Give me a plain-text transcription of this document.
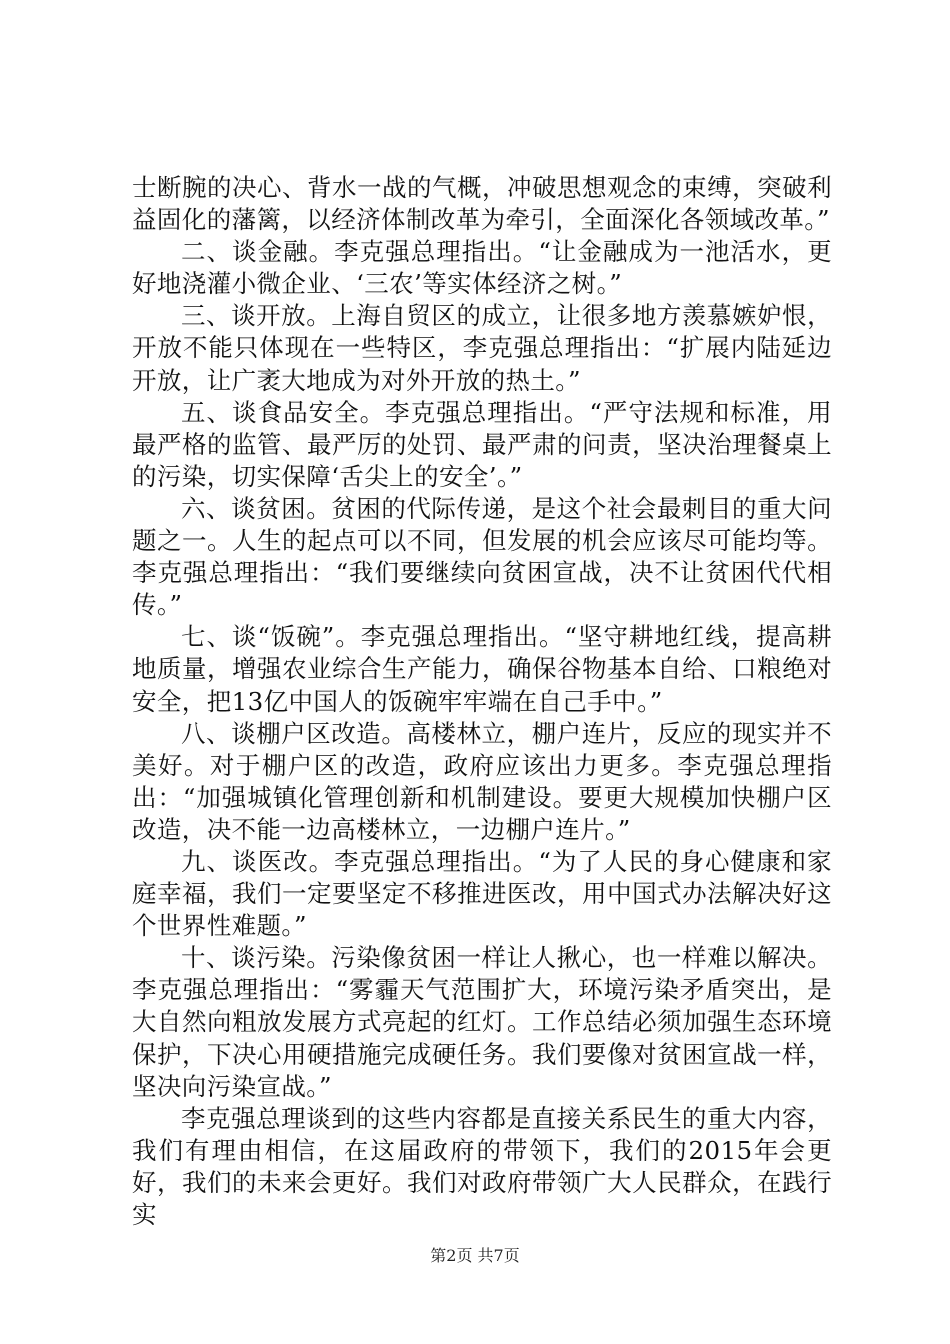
士断腕的决心、背水一战的气概，冲破思想观念的束缚，突破利益固化的藩篱，以经济体制改革为牵引，全面深化各领域改革。”

二、谈金融。李克强总理指出。“让金融成为一池活水，更好地浇灌小微企业、‘三农’等实体经济之树。”

三、谈开放。上海自贸区的成立，让很多地方羡慕嫉妒恨，开放不能只体现在一些特区，李克强总理指出：“扩展内陆延边开放，让广袤大地成为对外开放的热土。”

五、谈食品安全。李克强总理指出。“严守法规和标准，用最严格的监管、最严厉的处罚、最严肃的问责，坚决治理餐桌上的污染，切实保障‘舌尖上的安全’。”

六、谈贫困。贫困的代际传递，是这个社会最刺目的重大问题之一。人生的起点可以不同，但发展的机会应该尽可能均等。李克强总理指出：“我们要继续向贫困宣战，决不让贫困代代相传。”

七、谈“饭碗”。李克强总理指出。“坚守耕地红线，提高耕地质量，增强农业综合生产能力，确保谷物基本自给、口粮绝对安全，把13亿中国人的饭碗牢牢端在自己手中。”

八、谈棚户区改造。高楼林立，棚户连片，反应的现实并不美好。对于棚户区的改造，政府应该出力更多。李克强总理指出：“加强城镇化管理创新和机制建设。要更大规模加快棚户区改造，决不能一边高楼林立，一边棚户连片。”

九、谈医改。李克强总理指出。“为了人民的身心健康和家庭幸福，我们一定要坚定不移推进医改，用中国式办法解决好这个世界性难题。”

十、谈污染。污染像贫困一样让人揪心，也一样难以解决。李克强总理指出：“雾霾天气范围扩大，环境污染矛盾突出，是大自然向粗放发展方式亮起的红灯。工作总结必须加强生态环境保护，下决心用硬措施完成硬任务。我们要像对贫困宣战一样，坚决向污染宣战。”

李克强总理谈到的这些内容都是直接关系民生的重大内容，我们有理由相信，在这届政府的带领下，我们的2015年会更好，我们的未来会更好。我们对政府带领广大人民群众，在践行实

第2页 共7页
